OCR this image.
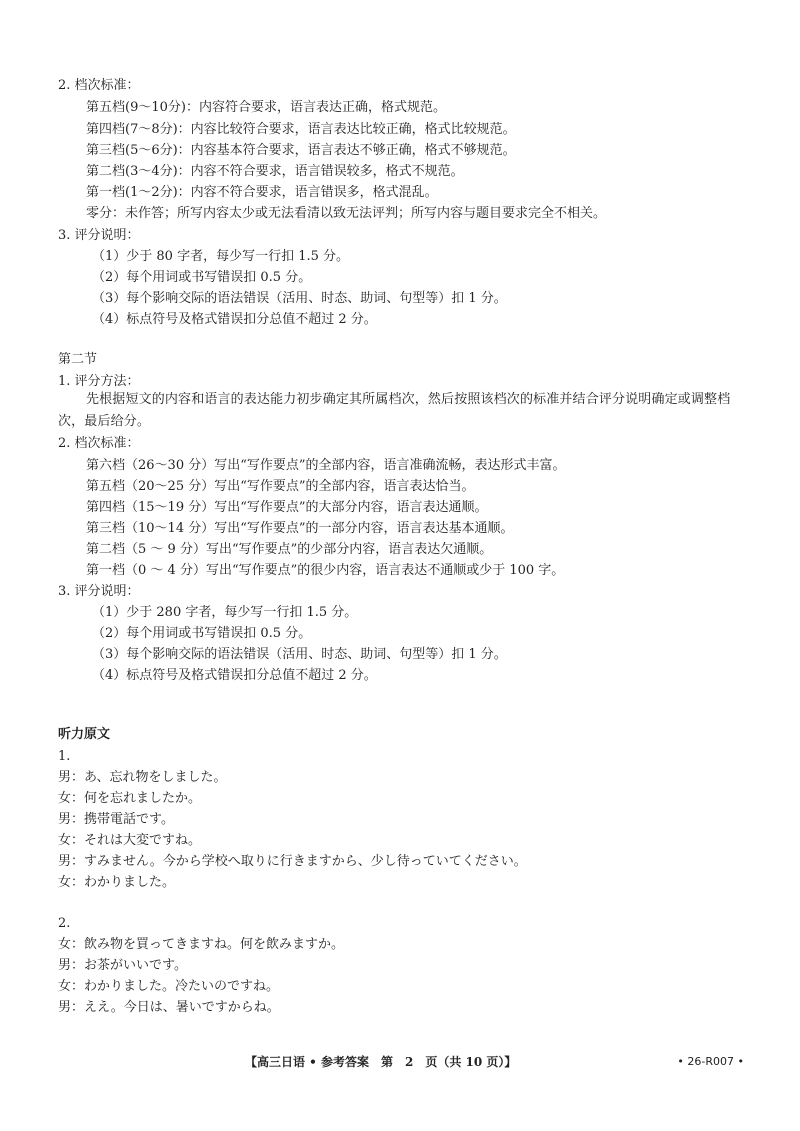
2. 档次标准：
第五档(9～10分)：内容符合要求，语言表达正确，格式规范。
第四档(7～8分)：内容比较符合要求，语言表达比较正确，格式比较规范。
第三档(5～6分)：内容基本符合要求，语言表达不够正确，格式不够规范。
第二档(3～4分)：内容不符合要求，语言错误较多，格式不规范。
第一档(1～2分)：内容不符合要求，语言错误多，格式混乱。
零分：未作答；所写内容太少或无法看清以致无法评判；所写内容与题目要求完全不相关。
3. 评分说明：
（1）少于 80 字者，每少写一行扣 1.5 分。
（2）每个用词或书写错误扣 0.5 分。
（3）每个影响交际的语法错误（活用、时态、助词、句型等）扣 1 分。
（4）标点符号及格式错误扣分总值不超过 2 分。
第二节
1. 评分方法：
先根据短文的内容和语言的表达能力初步确定其所属档次，然后按照该档次的标准并结合评分说明确定或调整档次，最后给分。
2. 档次标准：
第六档（26～30 分）写出“写作要点”的全部内容，语言准确流畅，表达形式丰富。
第五档（20～25 分）写出“写作要点”的全部内容，语言表达恰当。
第四档（15～19 分）写出“写作要点”的大部分内容，语言表达通顺。
第三档（10～14 分）写出“写作要点”的一部分内容，语言表达基本通顺。
第二档（5 ～ 9 分）写出“写作要点”的少部分内容，语言表达欠通顺。
第一档（0 ～ 4 分）写出“写作要点”的很少内容，语言表达不通顺或少于 100 字。
3. 评分说明：
（1）少于 280 字者，每少写一行扣 1.5 分。
（2）每个用词或书写错误扣 0.5 分。
（3）每个影响交际的语法错误（活用、时态、助词、句型等）扣 1 分。
（4）标点符号及格式错误扣分总值不超过 2 分。
听力原文
1.
男：あ、忘れ物をしました。
女：何を忘れましたか。
男：携帯電話です。
女：それは大変ですね。
男：すみません。今から学校へ取りに行きますから、少し待っていてください。
女：わかりました。
2.
女：飲み物を買ってきますね。何を飲みますか。
男：お茶がいいです。
女：わかりました。冷たいのですね。
男：ええ。今日は、暑いですからね。
【高三日语 • 参考答案　第　2　页（共 10 页）】	• 26-R007 •
